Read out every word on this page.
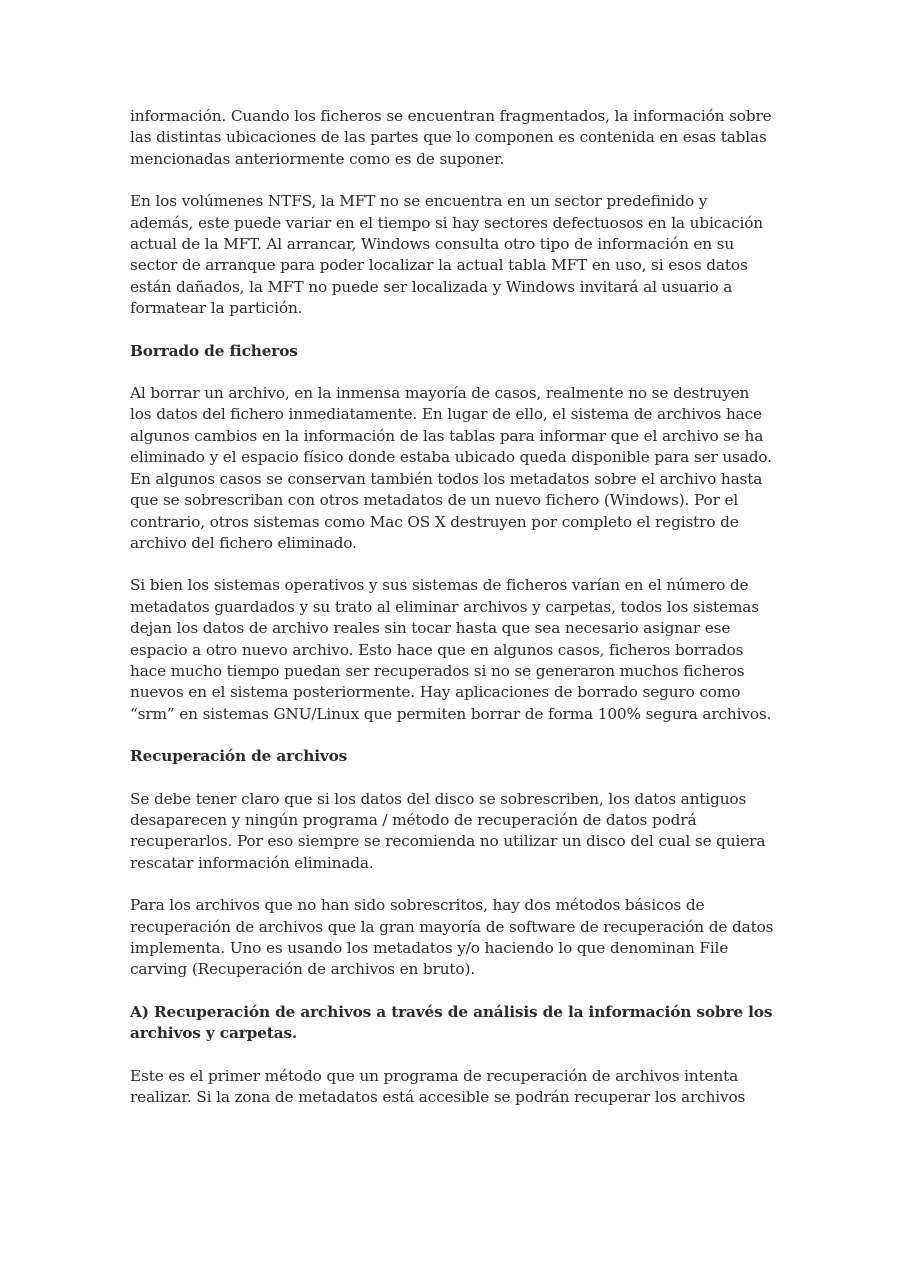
información. Cuando los ficheros se encuentran fragmentados, la información sobre las distintas ubicaciones de las partes que lo componen es contenida en esas tablas mencionadas anteriormente como es de suponer.

En los volúmenes NTFS, la MFT no se encuentra en un sector predefinido y además, este puede variar en el tiempo si hay sectores defectuosos en la ubicación actual de la MFT. Al arrancar, Windows consulta otro tipo de información en su sector de arranque para poder localizar la actual tabla MFT en uso, si esos datos están dañados, la MFT no puede ser localizada y Windows invitará al usuario a formatear la partición.

Borrado de ficheros

Al borrar un archivo, en la inmensa mayoría de casos, realmente no se destruyen los datos del fichero inmediatamente. En lugar de ello, el sistema de archivos hace algunos cambios en la información de las tablas para informar que el archivo se ha eliminado y el espacio físico donde estaba ubicado queda disponible para ser usado. En algunos casos se conservan también todos los metadatos sobre el archivo hasta que se sobrescriban con otros metadatos de un nuevo fichero (Windows). Por el contrario, otros sistemas como Mac OS X destruyen por completo el registro de archivo del fichero eliminado.

Si bien los sistemas operativos y sus sistemas de ficheros varían en el número de metadatos guardados y su trato al eliminar archivos y carpetas, todos los sistemas dejan los datos de archivo reales sin tocar hasta que sea necesario asignar ese espacio a otro nuevo archivo. Esto hace que en algunos casos, ficheros borrados hace mucho tiempo puedan ser recuperados si no se generaron muchos ficheros nuevos en el sistema posteriormente. Hay aplicaciones de borrado seguro como “srm” en sistemas GNU/Linux que permiten borrar de forma 100% segura archivos.

Recuperación de archivos

Se debe tener claro que si los datos del disco se sobrescriben, los datos antiguos desaparecen y ningún programa / método de recuperación de datos podrá recuperarlos. Por eso siempre se recomienda no utilizar un disco del cual se quiera rescatar información eliminada.

Para los archivos que no han sido sobrescritos, hay dos métodos básicos de recuperación de archivos que la gran mayoría de software de recuperación de datos implementa. Uno es usando los metadatos y/o haciendo lo que denominan File carving (Recuperación de archivos en bruto).

A) Recuperación de archivos a través de análisis de la información sobre los archivos y carpetas.

Este es el primer método que un programa de recuperación de archivos intenta realizar. Si la zona de metadatos está accesible se podrán recuperar los archivos
